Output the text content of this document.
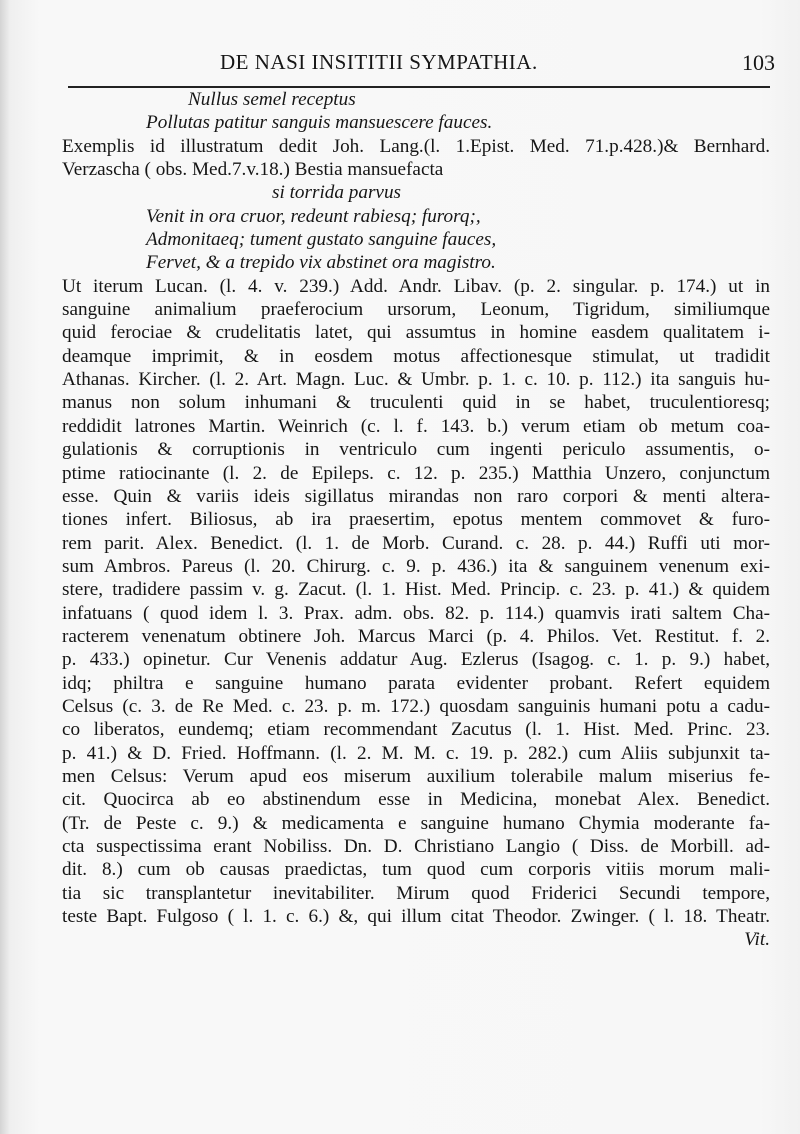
DE NASI INSITITII SYMPATHIA.	103
Nullus semel receptus
Pollutas patitur sanguis mansuescere fauces.
Exemplis id illustratum dedit Joh. Lang.(l. 1.Epist. Med. 71.p.428.)& Bernhard.
Verzascha ( obs. Med.7.v.18.) Bestia mansuefacta
si torrida parvus
Venit in ora cruor, redeunt rabiesq; furorq;,
Admonitaeq; tument gustato sanguine fauces,
Fervet, & a trepido vix abstinet ora magistro.
Ut iterum Lucan. (l. 4. v. 239.) Add. Andr. Libav. (p. 2. singular. p. 174.) ut in
sanguine animalium praeferocium ursorum, Leonum, Tigridum, similiumque
quid ferociae & crudelitatis latet, qui assumtus in homine easdem qualitatem i-
deamque imprimit, & in eosdem motus affectionesque stimulat, ut tradidit
Athanas. Kircher. (l. 2. Art. Magn. Luc. & Umbr. p. 1. c. 10. p. 112.) ita sanguis hu-
manus non solum inhumani & truculenti quid in se habet, truculentioresq;
reddidit latrones Martin. Weinrich (c. l. f. 143. b.) verum etiam ob metum coa-
gulationis & corruptionis in ventriculo cum ingenti periculo assumentis, o-
ptime ratiocinante (l. 2. de Epileps. c. 12. p. 235.) Matthia Unzero, conjunctum
esse. Quin & variis ideis sigillatus mirandas non raro corpori & menti altera-
tiones infert. Biliosus, ab ira praesertim, epotus mentem commovet & furo-
rem parit. Alex. Benedict. (l. 1. de Morb. Curand. c. 28. p. 44.) Ruffi uti mor-
sum Ambros. Pareus (l. 20. Chirurg. c. 9. p. 436.) ita & sanguinem venenum exi-
stere, tradidere passim v. g. Zacut. (l. 1. Hist. Med. Princip. c. 23. p. 41.) & quidem
infatuans ( quod idem l. 3. Prax. adm. obs. 82. p. 114.) quamvis irati saltem Cha-
racterem venenatum obtinere Joh. Marcus Marci (p. 4. Philos. Vet. Restitut. f. 2.
p. 433.) opinetur. Cur Venenis addatur Aug. Ezlerus (Isagog. c. 1. p. 9.) habet,
idq; philtra e sanguine humano parata evidenter probant. Refert equidem
Celsus (c. 3. de Re Med. c. 23. p. m. 172.) quosdam sanguinis humani potu a cadu-
co liberatos, eundemq; etiam recommendant Zacutus (l. 1. Hist. Med. Princ. 23.
p. 41.) & D. Fried. Hoffmann. (l. 2. M. M. c. 19. p. 282.) cum Aliis subjunxit ta-
men Celsus: Verum apud eos miserum auxilium tolerabile malum miserius fe-
cit. Quocirca ab eo abstinendum esse in Medicina, monebat Alex. Benedict.
(Tr. de Peste c. 9.) & medicamenta e sanguine humano Chymia moderante fa-
cta suspectissima erant Nobiliss. Dn. D. Christiano Langio ( Diss. de Morbill. ad-
dit. 8.) cum ob causas praedictas, tum quod cum corporis vitiis morum mali-
tia sic transplantetur inevitabiliter. Mirum quod Friderici Secundi tempore,
teste Bapt. Fulgoso ( l. 1. c. 6.) &, qui illum citat Theodor. Zwinger. ( l. 18. Theatr.
Vit.
